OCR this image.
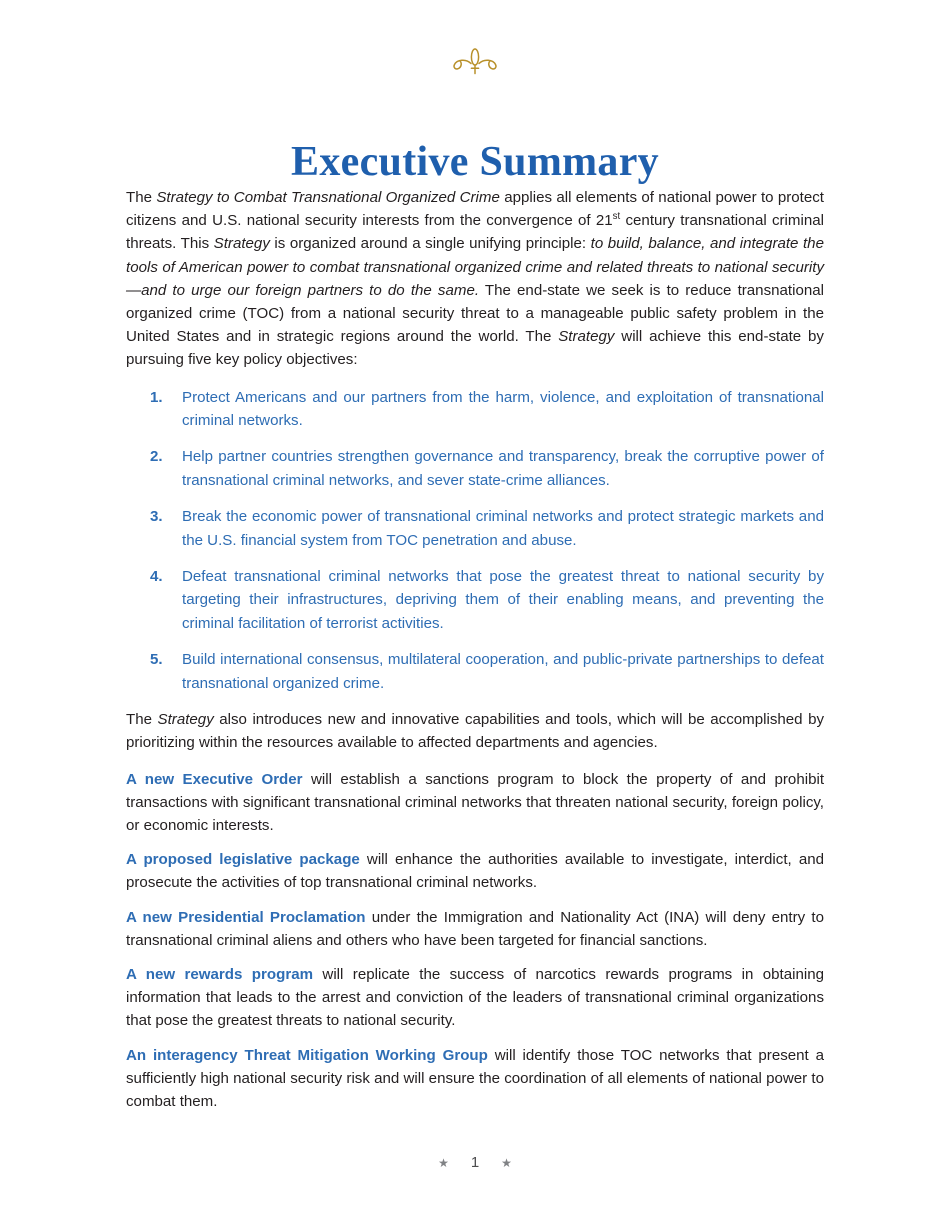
Executive Summary

The Strategy to Combat Transnational Organized Crime applies all elements of national power to protect citizens and U.S. national security interests from the convergence of 21st century transnational criminal threats. This Strategy is organized around a single unifying principle: to build, balance, and integrate the tools of American power to combat transnational organized crime and related threats to national security—and to urge our foreign partners to do the same. The end-state we seek is to reduce transnational organized crime (TOC) from a national security threat to a manageable public safety problem in the United States and in strategic regions around the world. The Strategy will achieve this end-state by pursuing five key policy objectives:

1. Protect Americans and our partners from the harm, violence, and exploitation of transnational criminal networks.
2. Help partner countries strengthen governance and transparency, break the corruptive power of transnational criminal networks, and sever state-crime alliances.
3. Break the economic power of transnational criminal networks and protect strategic markets and the U.S. financial system from TOC penetration and abuse.
4. Defeat transnational criminal networks that pose the greatest threat to national security by targeting their infrastructures, depriving them of their enabling means, and preventing the criminal facilitation of terrorist activities.
5. Build international consensus, multilateral cooperation, and public-private partnerships to defeat transnational organized crime.

The Strategy also introduces new and innovative capabilities and tools, which will be accomplished by prioritizing within the resources available to affected departments and agencies.

A new Executive Order will establish a sanctions program to block the property of and prohibit transactions with significant transnational criminal networks that threaten national security, foreign policy, or economic interests.

A proposed legislative package will enhance the authorities available to investigate, interdict, and prosecute the activities of top transnational criminal networks.

A new Presidential Proclamation under the Immigration and Nationality Act (INA) will deny entry to transnational criminal aliens and others who have been targeted for financial sanctions.

A new rewards program will replicate the success of narcotics rewards programs in obtaining information that leads to the arrest and conviction of the leaders of transnational criminal organizations that pose the greatest threats to national security.

An interagency Threat Mitigation Working Group will identify those TOC networks that present a sufficiently high national security risk and will ensure the coordination of all elements of national power to combat them.

★ 1 ★
